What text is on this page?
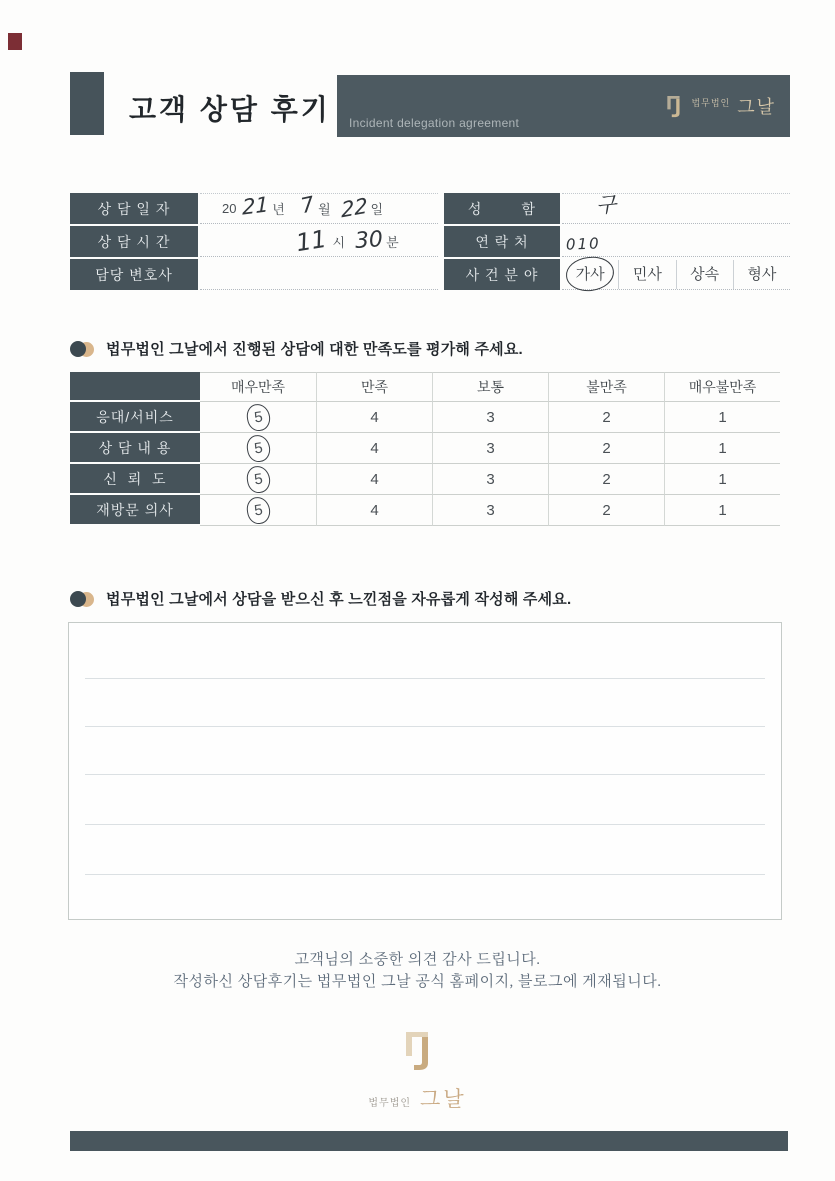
고객 상담 후기 Incident delegation agreement
법무법인 그날
상 담 일 자	20 21 년 7 월 22 일
상 담 시 간	11 시 30 분
담당 변호사
성        함	구
연 락 처	010
사 건 분 야	가사	민사	상속	형사
법무법인 그날에서 진행된 상담에 대한 만족도를 평가해 주세요.
매우만족	만족	보통	불만족	매우불만족
응대/서비스	5	4	3	2	1
상 담 내 용	5	4	3	2	1
신  뢰  도	5	4	3	2	1
재방문 의사	5	4	3	2	1
법무법인 그날에서 상담을 받으신 후 느낀점을 자유롭게 작성해 주세요.
고객님의 소중한 의견 감사 드립니다.
작성하신 상담후기는 법무법인 그날 공식 홈페이지, 블로그에 게재됩니다.
법무법인 그날
